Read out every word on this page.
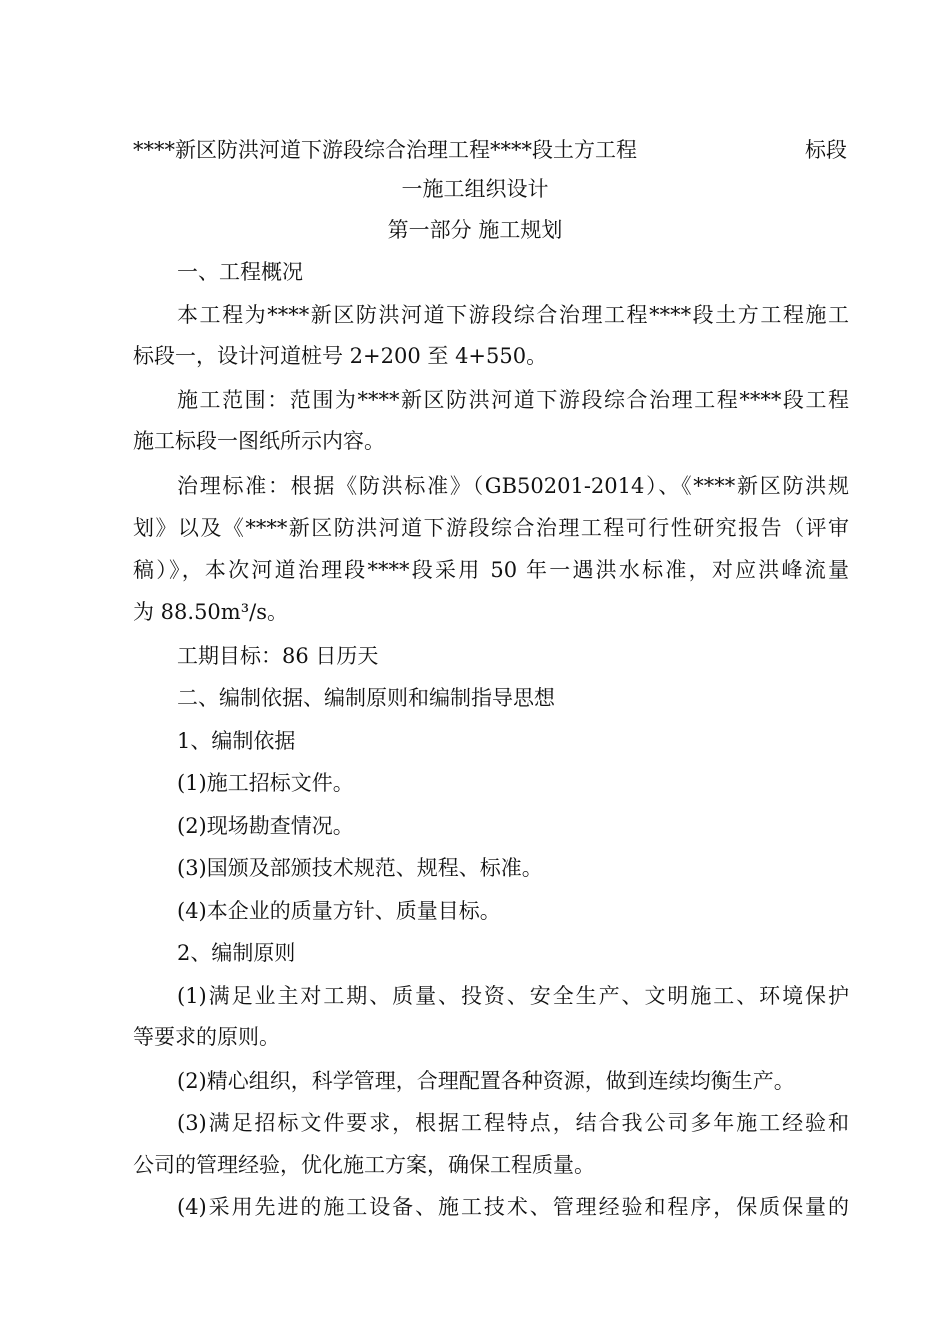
****新区防洪河道下游段综合治理工程****段土方工程	标段
一施工组织设计
第一部分 施工规划
一、工程概况
本工程为****新区防洪河道下游段综合治理工程****段土方工程施工
标段一，设计河道桩号 2+200 至 4+550。
施工范围：范围为****新区防洪河道下游段综合治理工程****段工程
施工标段一图纸所示内容。
治理标准：根据《防洪标准》（GB50201-2014）、《****新区防洪规
划》以及《****新区防洪河道下游段综合治理工程可行性研究报告（评审
稿）》，本次河道治理段****段采用 50 年一遇洪水标准，对应洪峰流量
为 88.50m³/s。
工期目标：86 日历天
二、编制依据、编制原则和编制指导思想
1、编制依据
(1)施工招标文件。
(2)现场勘查情况。
(3)国颁及部颁技术规范、规程、标准。
(4)本企业的质量方针、质量目标。
2、编制原则
(1)满足业主对工期、质量、投资、安全生产、文明施工、环境保护
等要求的原则。
(2)精心组织，科学管理，合理配置各种资源，做到连续均衡生产。
(3)满足招标文件要求，根据工程特点，结合我公司多年施工经验和
公司的管理经验，优化施工方案，确保工程质量。
(4)采用先进的施工设备、施工技术、管理经验和程序，保质保量的
